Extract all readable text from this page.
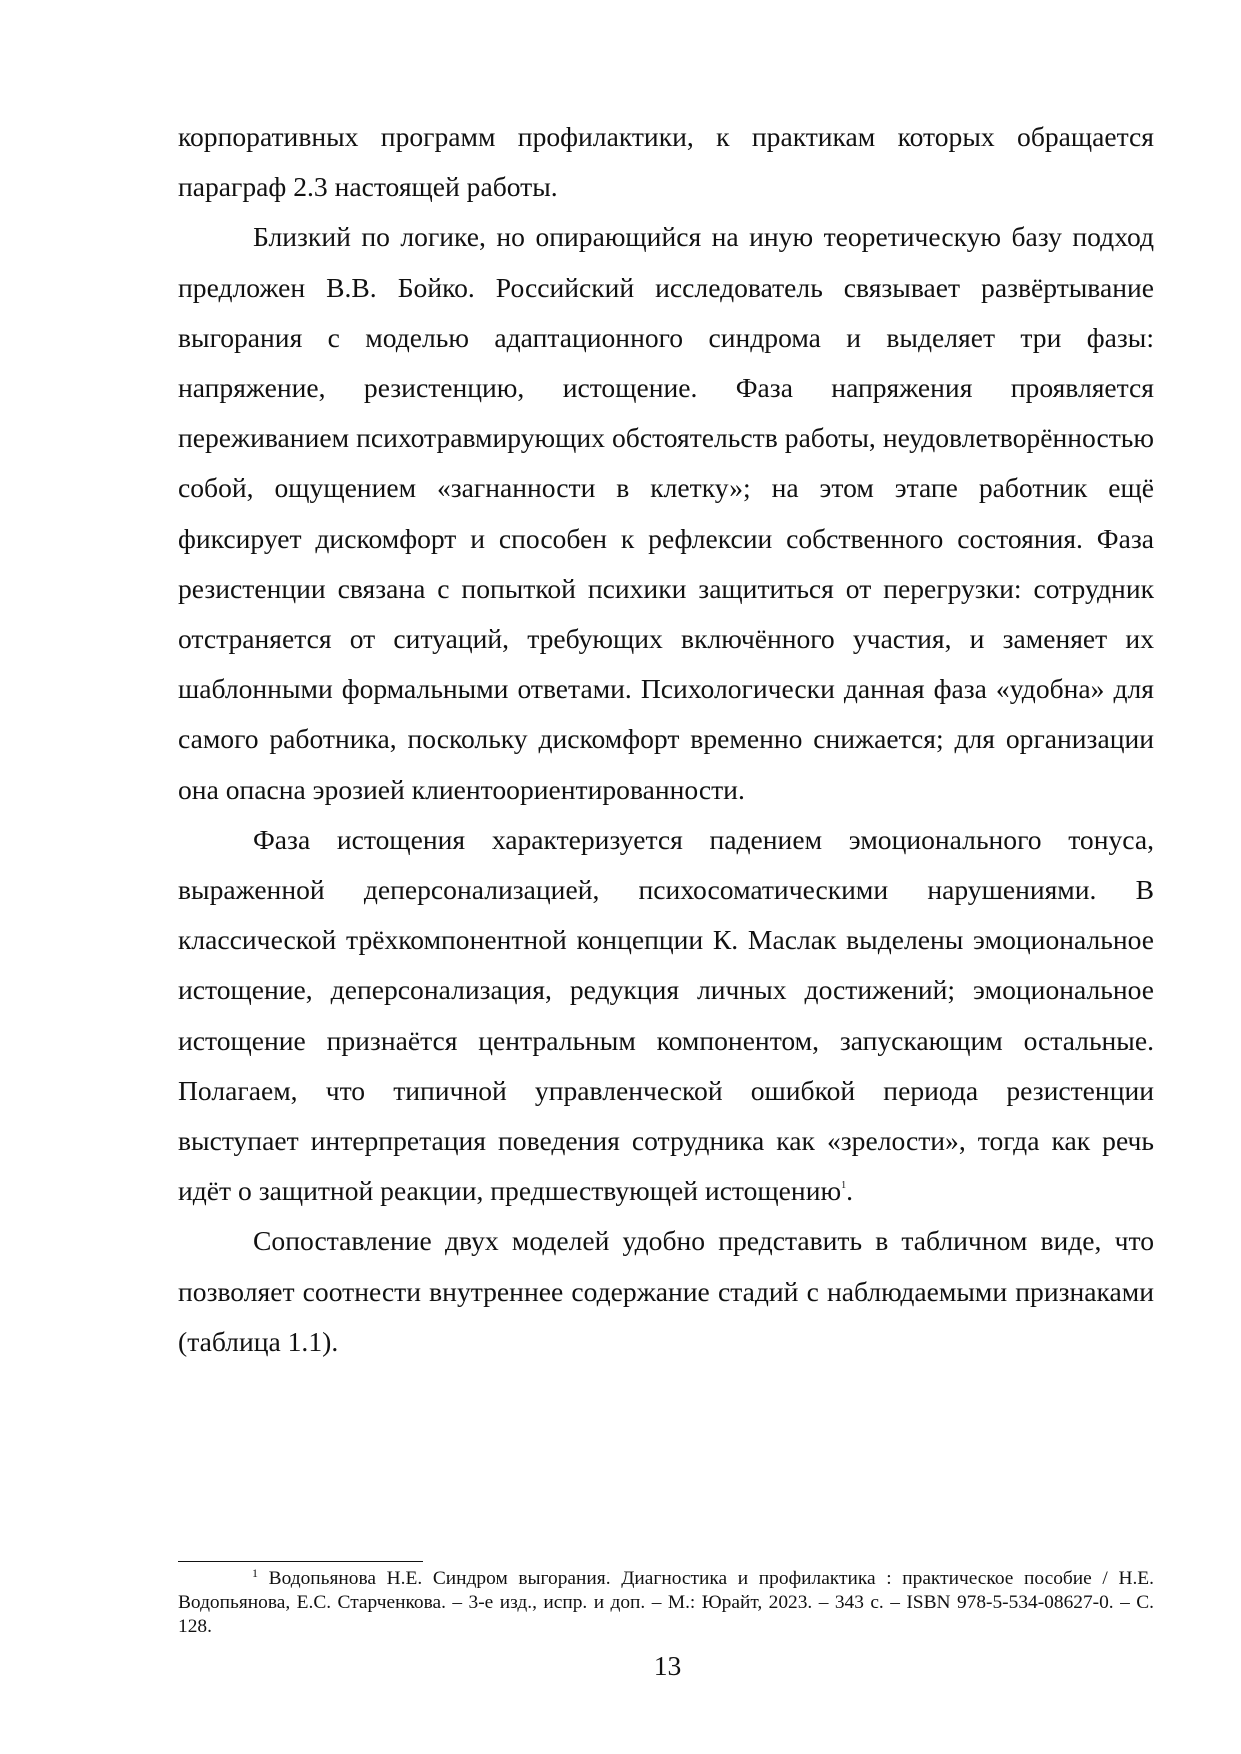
корпоративных программ профилактики, к практикам которых обращается параграф 2.3 настоящей работы.

Близкий по логике, но опирающийся на иную теоретическую базу подход предложен В.В. Бойко. Российский исследователь связывает развёртывание выгорания с моделью адаптационного синдрома и выделяет три фазы: напряжение, резистенцию, истощение. Фаза напряжения проявляется переживанием психотравмирующих обстоятельств работы, неудовлетворённостью собой, ощущением «загнанности в клетку»; на этом этапе работник ещё фиксирует дискомфорт и способен к рефлексии собственного состояния. Фаза резистенции связана с попыткой психики защититься от перегрузки: сотрудник отстраняется от ситуаций, требующих включённого участия, и заменяет их шаблонными формальными ответами. Психологически данная фаза «удобна» для самого работника, поскольку дискомфорт временно снижается; для организации она опасна эрозией клиентоориентированности.

Фаза истощения характеризуется падением эмоционального тонуса, выраженной деперсонализацией, психосоматическими нарушениями. В классической трёхкомпонентной концепции К. Маслак выделены эмоциональное истощение, деперсонализация, редукция личных достижений; эмоциональное истощение признаётся центральным компонентом, запускающим остальные. Полагаем, что типичной управленческой ошибкой периода резистенции выступает интерпретация поведения сотрудника как «зрелости», тогда как речь идёт о защитной реакции, предшествующей истощению$^1$.

Сопоставление двух моделей удобно представить в табличном виде, что позволяет соотнести внутреннее содержание стадий с наблюдаемыми признаками (таблица 1.1).

$^1$ Водопьянова Н.Е. Синдром выгорания. Диагностика и профилактика : практическое пособие / Н.Е. Водопьянова, Е.С. Старченкова. – 3-е изд., испр. и доп. – М.: Юрайт, 2023. – 343 с. – ISBN 978-5-534-08627-0. – С. 128.

13
